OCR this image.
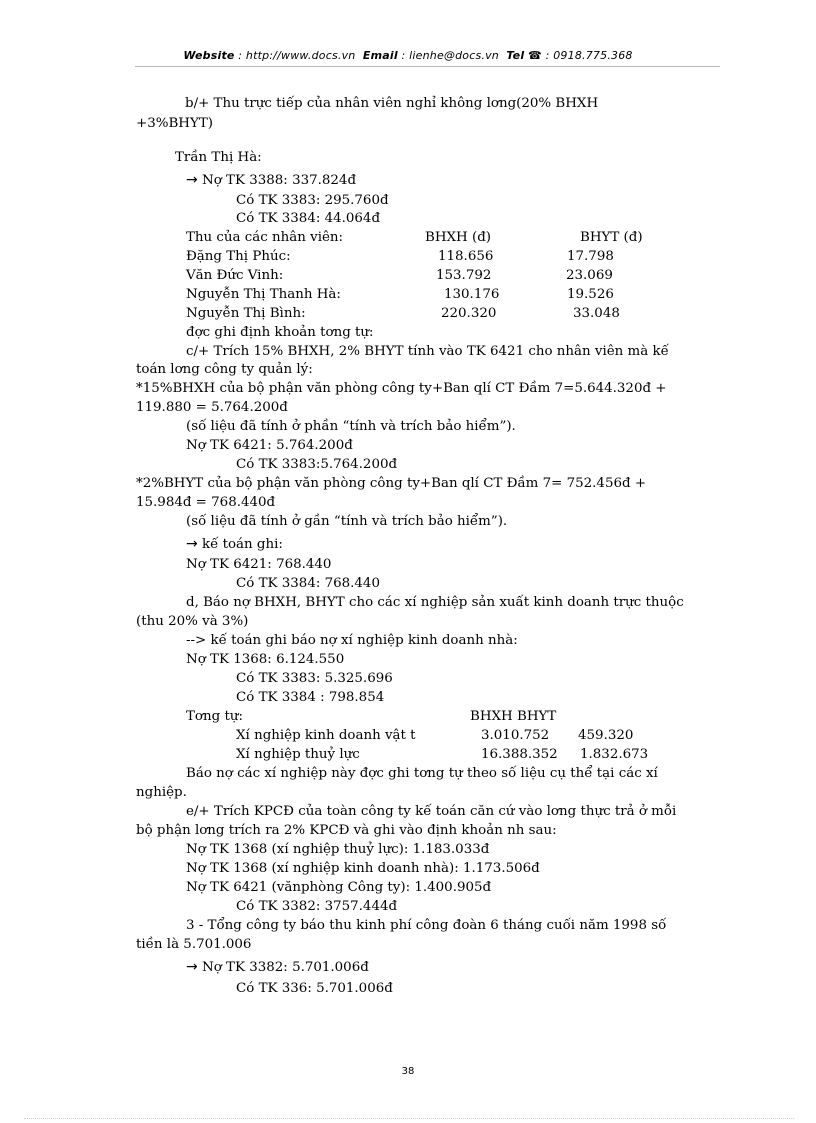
Website : http://www.docs.vn Email : lienhe@docs.vn Tel ☎ : 0918.775.368
b/+ Thu trực tiếp của nhân viên nghỉ không lơng(20% BHXH
+3%BHYT)
Trần Thị Hà:
→ Nợ TK 3388: 337.824đ
Có TK 3383: 295.760đ
Có TK 3384: 44.064đ
Thu của các nhân viên:	BHXH (đ)	BHYT (đ)
Đặng Thị Phúc:	118.656	17.798
Văn Đức Vinh:	153.792	23.069
Nguyễn Thị Thanh Hà:	130.176	19.526
Nguyễn Thị Bình:	220.320	33.048
đợc ghi định khoản tơng tự:
c/+ Trích 15% BHXH, 2% BHYT tính vào TK 6421 cho nhân viên mà kế
toán lơng công ty quản lý:
*15%BHXH của bộ phận văn phòng công ty+Ban qlí CT Đầm 7=5.644.320đ +
119.880 = 5.764.200đ
(số liệu đã tính ở phần “tính và trích bảo hiểm”).
Nợ TK 6421: 5.764.200đ
Có TK 3383:5.764.200đ
*2%BHYT của bộ phận văn phòng công ty+Ban qlí CT Đầm 7= 752.456đ +
15.984đ = 768.440đ
(số liệu đã tính ở gần “tính và trích bảo hiểm”).
→ kế toán ghi:
Nợ TK 6421: 768.440
Có TK 3384: 768.440
d, Báo nợ BHXH, BHYT cho các xí nghiệp sản xuất kinh doanh trực thuộc
(thu 20% và 3%)
--> kế toán ghi báo nợ xí nghiệp kinh doanh nhà:
Nợ TK 1368: 6.124.550
Có TK 3383: 5.325.696
Có TK 3384 : 798.854
Tơng tự:	BHXH BHYT
Xí nghiệp kinh doanh vật t	3.010.752 459.320
Xí nghiệp thuỷ lực	16.388.352 1.832.673
Báo nợ các xí nghiệp này đợc ghi tơng tự theo số liệu cụ thể tại các xí
nghiệp.
e/+ Trích KPCĐ của toàn công ty kế toán căn cứ vào lơng thực trả ở mỗi
bộ phận lơng trích ra 2% KPCĐ và ghi vào định khoản nh sau:
Nợ TK 1368 (xí nghiệp thuỷ lực): 1.183.033đ
Nợ TK 1368 (xí nghiệp kinh doanh nhà): 1.173.506đ
Nợ TK 6421 (vănphòng Công ty): 1.400.905đ
Có TK 3382: 3757.444đ
3 - Tổng công ty báo thu kinh phí công đoàn 6 tháng cuối năm 1998 số
tiền là 5.701.006
→ Nợ TK 3382: 5.701.006đ
Có TK 336: 5.701.006đ
38
